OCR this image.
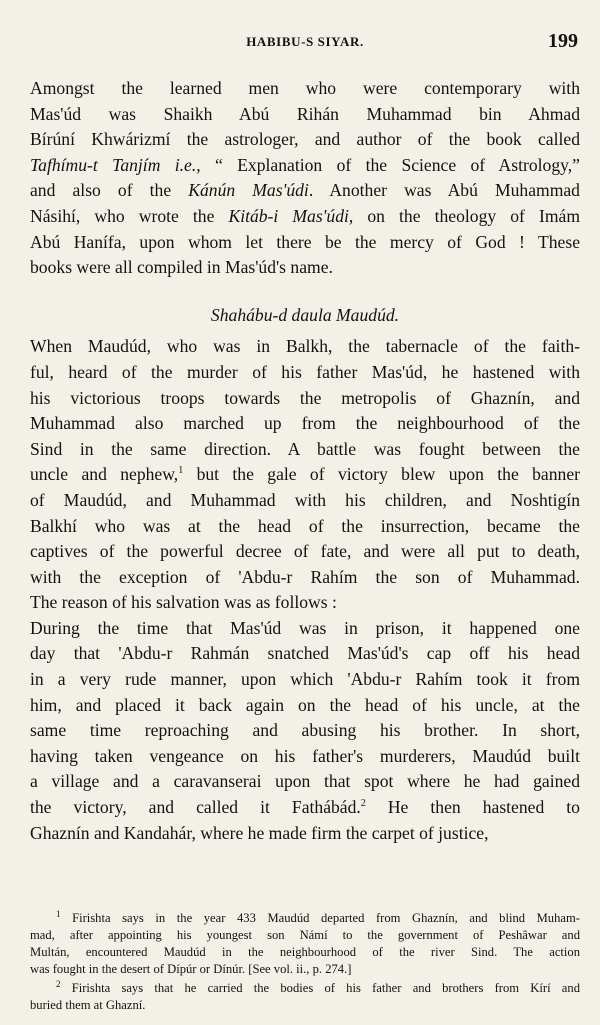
HABIBU-S SIYAR.	199
Amongst the learned men who were contemporary with
Mas'úd was Shaikh Abú Rihán Muhammad bin Ahmad
Bírúní Khwárizmí the astrologer, and author of the book called
Tafhímu-t Tanjím i.e., “ Explanation of the Science of Astrology,”
and also of the Kánún Mas'údi. Another was Abú Muhammad
Násihí, who wrote the Kitáb-i Mas'údi, on the theology of Imám
Abú Hanífa, upon whom let there be the mercy of God ! These
books were all compiled in Mas'úd's name.
Shahábu-d daula Maudúd.
When Maudúd, who was in Balkh, the tabernacle of the faith-
ful, heard of the murder of his father Mas'úd, he hastened with
his victorious troops towards the metropolis of Ghaznín, and
Muhammad also marched up from the neighbourhood of the
Sind in the same direction. A battle was fought between the
uncle and nephew,$^1$ but the gale of victory blew upon the banner
of Maudúd, and Muhammad with his children, and Noshtigín
Balkhí who was at the head of the insurrection, became the
captives of the powerful decree of fate, and were all put to death,
with the exception of 'Abdu-r Rahím the son of Muhammad.
The reason of his salvation was as follows :
During the time that Mas'úd was in prison, it happened one
day that 'Abdu-r Rahmán snatched Mas'úd's cap off his head
in a very rude manner, upon which 'Abdu-r Rahím took it from
him, and placed it back again on the head of his uncle, at the
same time reproaching and abusing his brother. In short,
having taken vengeance on his father's murderers, Maudúd built
a village and a caravanserai upon that spot where he had gained
the victory, and called it Fathábád.$^2$ He then hastened to
Ghaznín and Kandahár, where he made firm the carpet of justice,
$^1$ Firishta says in the year 433 Maudúd departed from Ghaznín, and blind Muham-
mad, after appointing his youngest son Námí to the government of Peshâwar and
Multán, encountered Maudúd in the neighbourhood of the river Sind. The action
was fought in the desert of Dípúr or Dínúr. [See vol. ii., p. 274.]
$^2$ Firishta says that he carried the bodies of his father and brothers from Kírí and
buried them at Ghazní.
